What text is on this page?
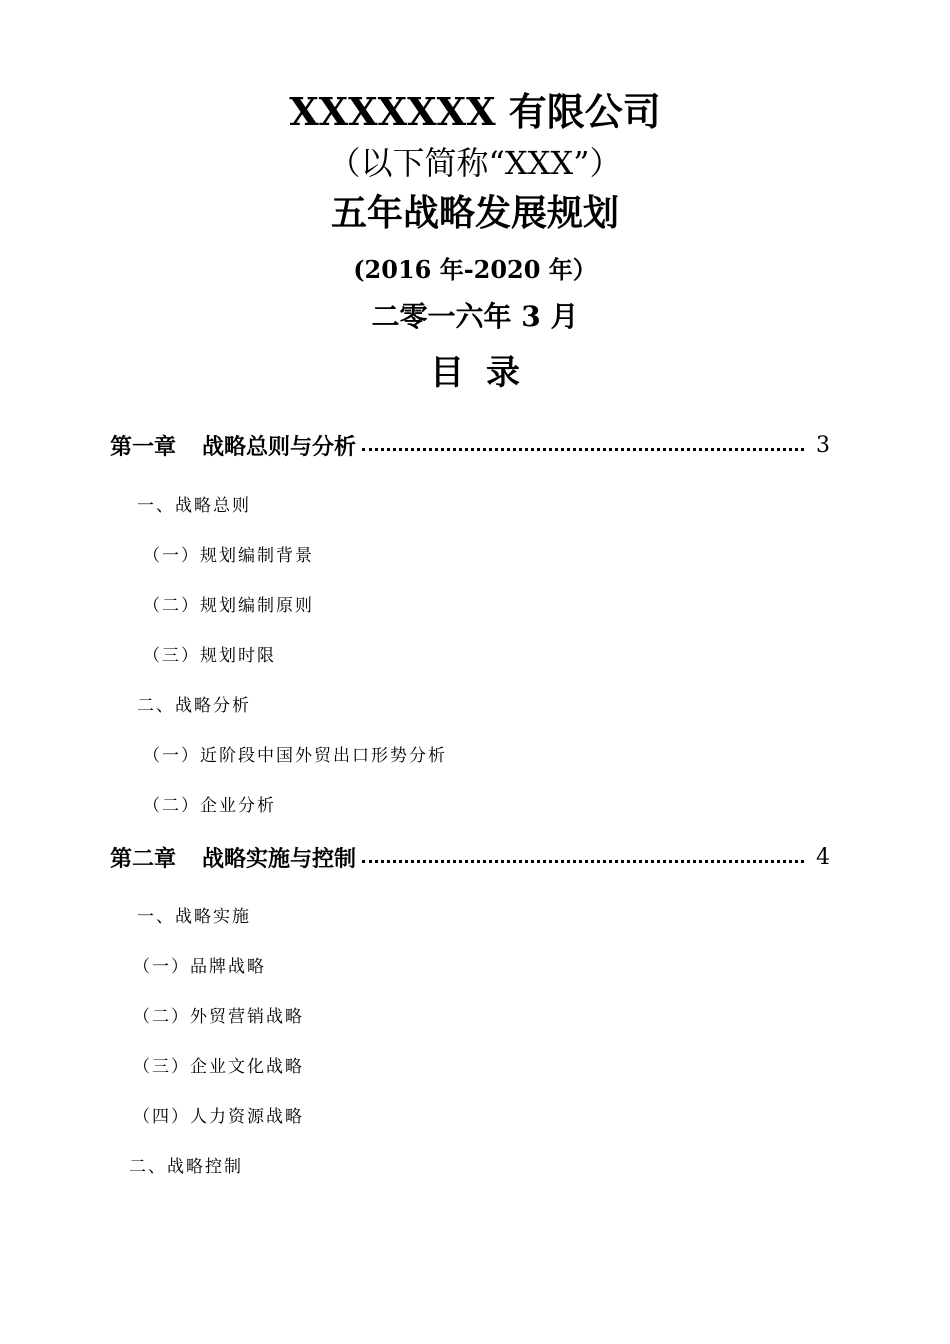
XXXXXXX 有限公司
（以下简称“XXX”）
五年战略发展规划
(2016 年-2020 年）
二零一六年 3 月
目录
第一章 战略总则与分析	3
一、战略总则
（一）规划编制背景
（二）规划编制原则
（三）规划时限
二、战略分析
（一）近阶段中国外贸出口形势分析
（二）企业分析
第二章 战略实施与控制	4
一、战略实施
（一）品牌战略
（二）外贸营销战略
（三）企业文化战略
（四）人力资源战略
二、战略控制
